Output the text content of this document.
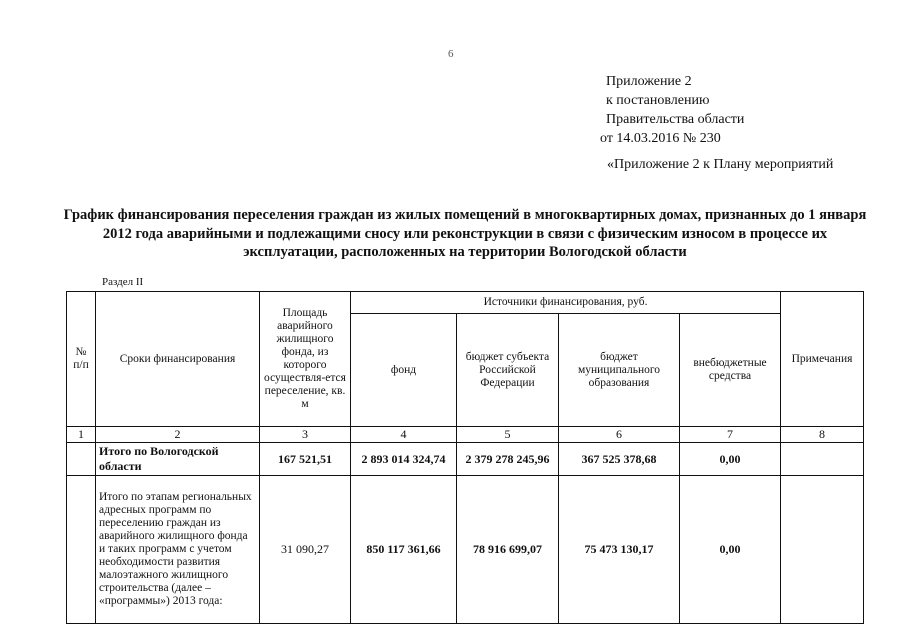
6
Приложение 2
к постановлению
Правительства области
от 14.03.2016 № 230
«Приложение 2 к Плану мероприятий
График финансирования переселения граждан из жилых помещений в многоквартирных домах, признанных до 1 января 2012 года аварийными и подлежащими сносу или реконструкции в связи с физическим износом в процессе их эксплуатации, расположенных на территории Вологодской области
Раздел II
№ п/п	Сроки финансирования	Площадь аварийного жилищного фонда, из которого осуществля-ется переселение, кв. м	Источники финансирования, руб.				Примечания
			фонд	бюджет субъекта Российской Федерации	бюджет муниципального образования	внебюджетные средства	
1	2	3	4	5	6	7	8
	Итого по Вологодской области	167 521,51	2 893 014 324,74	2 379 278 245,96	367 525 378,68	0,00	
	Итого по этапам региональных адресных программ по переселению граждан из аварийного жилищного фонда и таких программ с учетом необходимости развития малоэтажного жилищного строительства (далее – «программы») 2013 года:	31 090,27	850 117 361,66	78 916 699,07	75 473 130,17	0,00	
